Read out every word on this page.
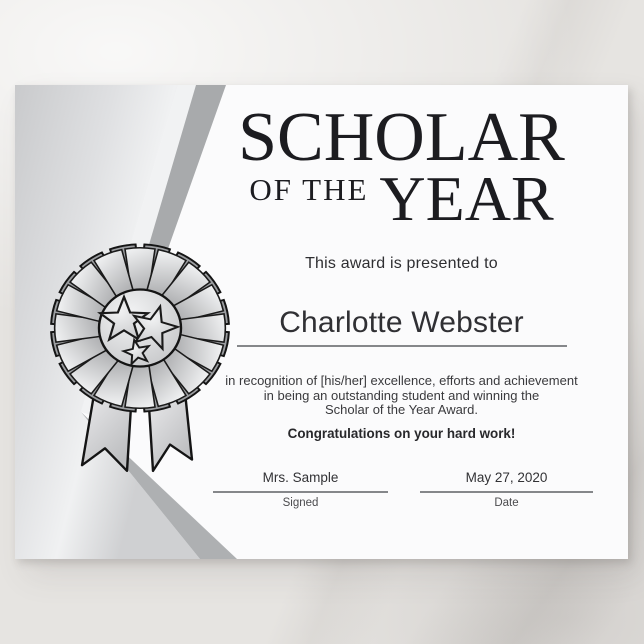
SCHOLAR
OF THE YEAR
This award is presented to
Charlotte Webster
in recognition of [his/her] excellence, efforts and achievement
in being an outstanding student and winning the
Scholar of the Year Award.
Congratulations on your hard work!
Mrs. Sample
Signed
May 27, 2020
Date
